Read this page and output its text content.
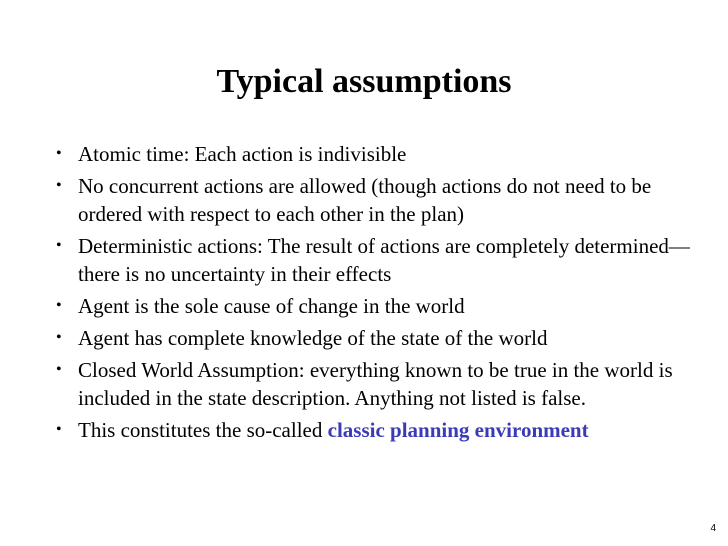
Typical assumptions
• Atomic time: Each action is indivisible
• No concurrent actions are allowed (though actions do not need to be ordered with respect to each other in the plan)
• Deterministic actions: The result of actions are completely determined—there is no uncertainty in their effects
• Agent is the sole cause of change in the world
• Agent has complete knowledge of the state of the world
• Closed World Assumption: everything known to be true in the world is included in the state description. Anything not listed is false.
• This constitutes the so-called classic planning environment
4
